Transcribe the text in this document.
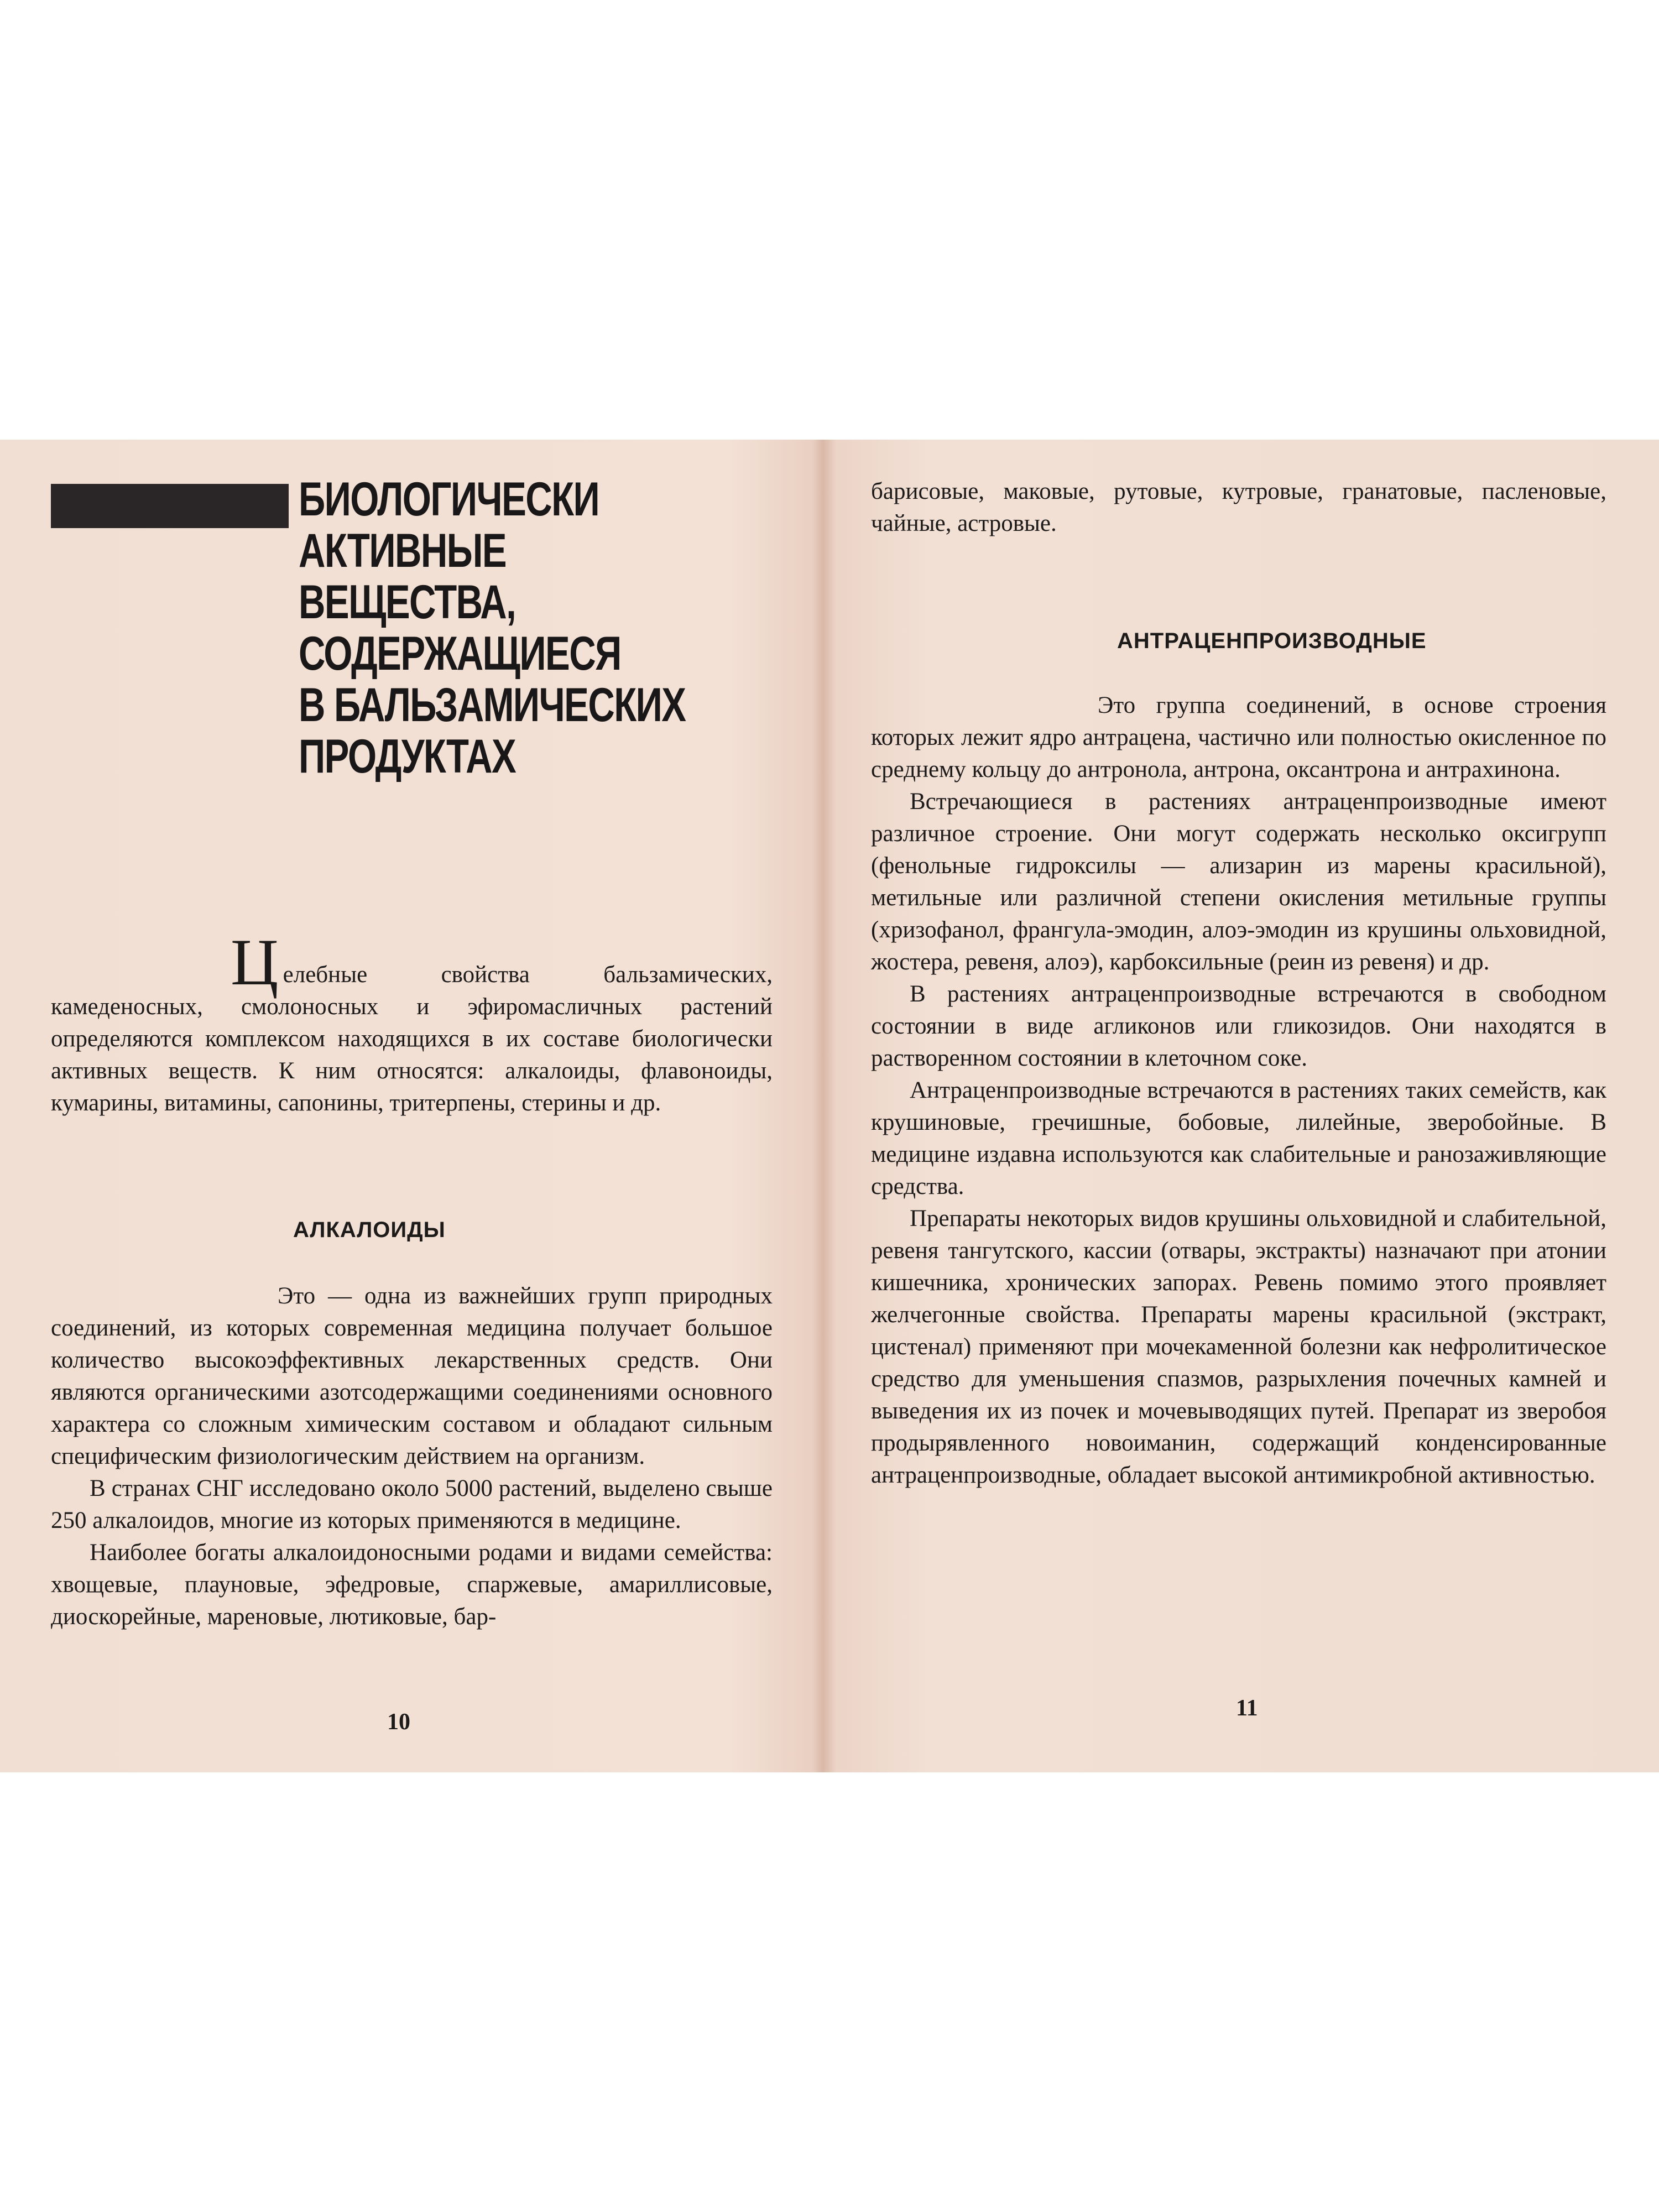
БИОЛОГИЧЕСКИ
АКТИВНЫЕ ВЕЩЕСТВА,
СОДЕРЖАЩИЕСЯ
В БАЛЬЗАМИЧЕСКИХ
ПРОДУКТАХ
Ц елебные свойства бальзамических, камеденосных, смолоносных и эфиромасличных растений определяются комплексом находящихся в их составе биологически активных веществ. К ним относятся: алкалоиды, флавоноиды, кумарины, витамины, сапонины, тритерпены, стерины и др.
АЛКАЛОИДЫ

Это — одна из важнейших групп природных соединений, из которых современная медицина получает большое количество высокоэффективных лекарственных средств. Они являются органическими азотсодержащими соединениями основного характера со сложным химическим составом и обладают сильным специфическим физиологическим действием на организм.

В странах СНГ исследовано около 5000 растений, выделено свыше 250 алкалоидов, многие из которых применяются в медицине.

Наиболее богаты алкалоидоносными родами и видами семейства: хвощевые, плауновые, эфедровые, спаржевые, амариллисовые, диоскорейные, мареновые, лютиковые, бар-

10

барисовые, маковые, рутовые, кутровые, гранатовые, пасленовые, чайные, астровые.

АНТРАЦЕНПРОИЗВОДНЫЕ

Это группа соединений, в основе строения которых лежит ядро антрацена, частично или полностью окисленное по среднему кольцу до антронола, антрона, оксантрона и антрахинона.

Встречающиеся в растениях антраценпроизводные имеют различное строение. Они могут содержать несколько оксигрупп (фенольные гидроксилы — ализарин из марены красильной), метильные или различной степени окисления метильные группы (хризофанол, франгула-эмодин, алоэ-эмодин из крушины ольховидной, жостера, ревеня, алоэ), карбоксильные (реин из ревеня) и др.

В растениях антраценпроизводные встречаются в свободном состоянии в виде агликонов или гликозидов. Они находятся в растворенном состоянии в клеточном соке.

Антраценпроизводные встречаются в растениях таких семейств, как крушиновые, гречишные, бобовые, лилейные, зверобойные. В медицине издавна используются как слабительные и ранозаживляющие средства.

Препараты некоторых видов крушины ольховидной и слабительной, ревеня тангутского, кассии (отвары, экстракты) назначают при атонии кишечника, хронических запорах. Ревень помимо этого проявляет желчегонные свойства. Препараты марены красильной (экстракт, цистенал) применяют при мочекаменной болезни как нефролитическое средство для уменьшения спазмов, разрыхления почечных камней и выведения их из почек и мочевыводящих путей. Препарат из зверобоя продырявленного новоиманин, содержащий конденсированные антраценпроизводные, обладает высокой антимикробной активностью.

11
